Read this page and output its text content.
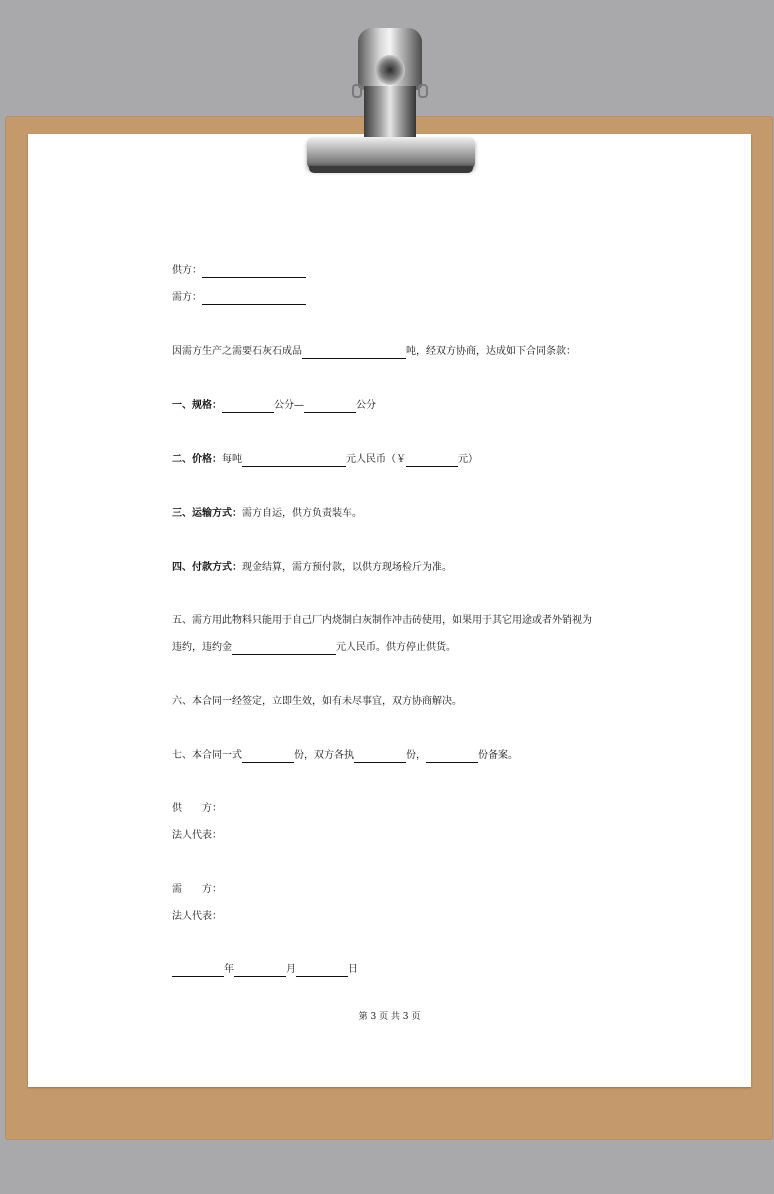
供方：
需方：
因需方生产之需要石灰石成品	吨，经双方协商，达成如下合同条款：
一、规格：	公分—	公分
二、价格：每吨	元人民币（￥	元）
三、运输方式：需方自运，供方负责装车。
四、付款方式：现金结算，需方预付款，以供方现场检斤为准。
五、需方用此物料只能用于自己厂内烧制白灰制作冲击砖使用，如果用于其它用途或者外销视为
违约，违约金	元人民币。供方停止供货。
六、本合同一经签定，立即生效，如有未尽事宜，双方协商解决。
七、本合同一式	份，双方各执	份，	份备案。
供　　方：
法人代表：
需　　方：
法人代表：
年	月	日
第 3 页 共 3 页
